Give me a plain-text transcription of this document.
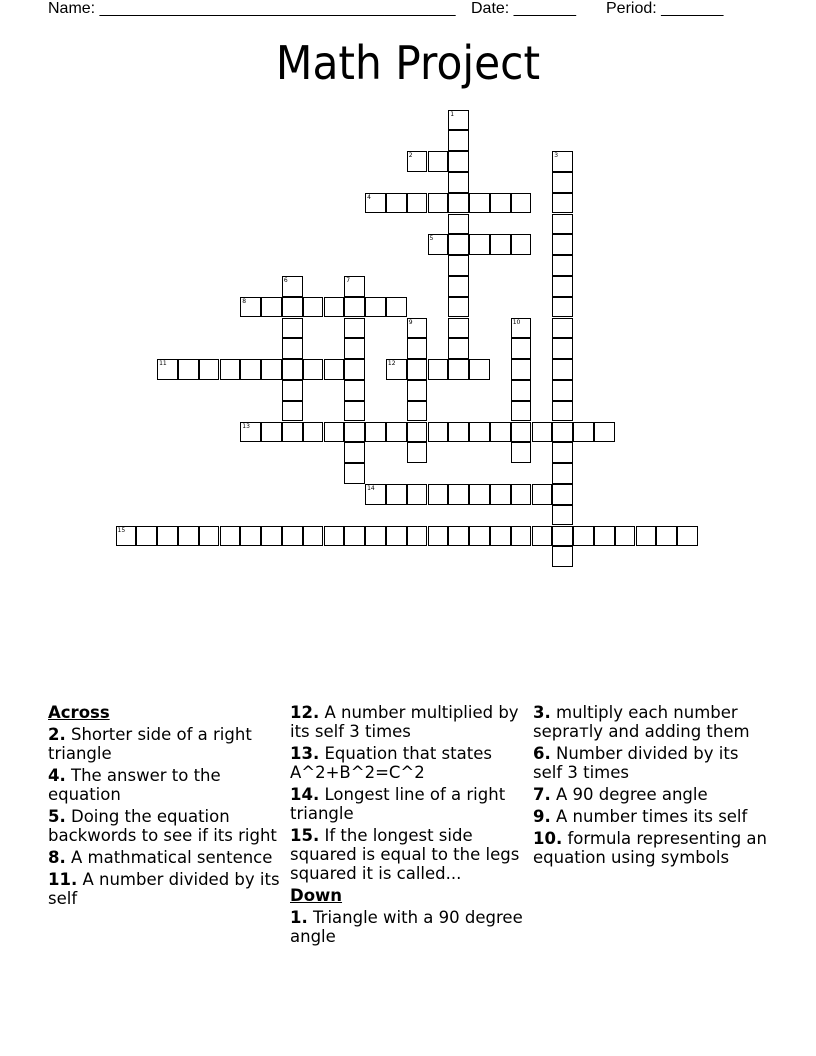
Name: ________________________________________ Date: _______ Period: _______
Math Project
1
2	3
4
5
6	7
8
9	10
11	12
13
14
15
Across
2. Shorter side of a right triangle
4. The answer to the equation
5. Doing the equation backwords to see if its right
8. A mathmatical sentence
11. A number divided by its self
12. A number multiplied by its self 3 times
13. Equation that states A^2+B^2=C^2
14. Longest line of a right triangle
15. If the longest side squared is equal to the legs squared it is called...
Down
1. Triangle with a 90 degree angle
3. multiply each number seprатly and adding them
6. Number divided by its self 3 times
7. A 90 degree angle
9. A number times its self
10. formula representing an equation using symbols
